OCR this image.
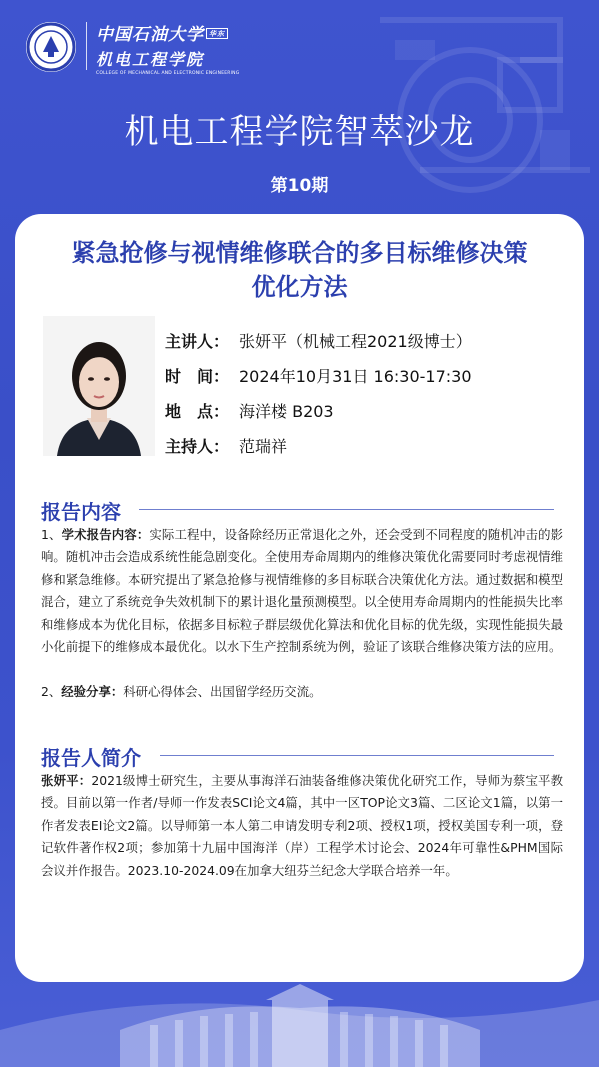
中国石油大学 $^{华东}$
机电工程学院
COLLEGE OF MECHANICAL AND ELECTRONIC ENGINEERING
机电工程学院智萃沙龙
第10期
紧急抢修与视情维修联合的多目标维修决策
优化方法
主讲人： 张妍平（机械工程2021级博士）
时　间： 2024年10月31日 16:30-17:30
地　点： 海洋楼 B203
主持人： 范瑞祥
报告内容
1、学术报告内容：实际工程中，设备除经历正常退化之外，还会受到不同程度的随机冲击的影响。随机冲击会造成系统性能急剧变化。全使用寿命周期内的维修决策优化需要同时考虑视情维修和紧急维修。本研究提出了紧急抢修与视情维修的多目标联合决策优化方法。通过数据和模型混合，建立了系统竞争失效机制下的累计退化量预测模型。以全使用寿命周期内的性能损失比率和维修成本为优化目标，依据多目标粒子群层级优化算法和优化目标的优先级，实现性能损失最小化前提下的维修成本最优化。以水下生产控制系统为例，验证了该联合维修决策方法的应用。
2、经验分享：科研心得体会、出国留学经历交流。
报告人简介
张妍平：2021级博士研究生，主要从事海洋石油装备维修决策优化研究工作，导师为蔡宝平教授。目前以第一作者/导师一作发表SCI论文4篇，其中一区TOP论文3篇、二区论文1篇，以第一作者发表EI论文2篇。以导师第一本人第二申请发明专利2项、授权1项，授权美国专利一项，登记软件著作权2项；参加第十九届中国海洋（岸）工程学术讨论会、2024年可靠性&PHM国际会议并作报告。2023.10-2024.09在加拿大纽芬兰纪念大学联合培养一年。
